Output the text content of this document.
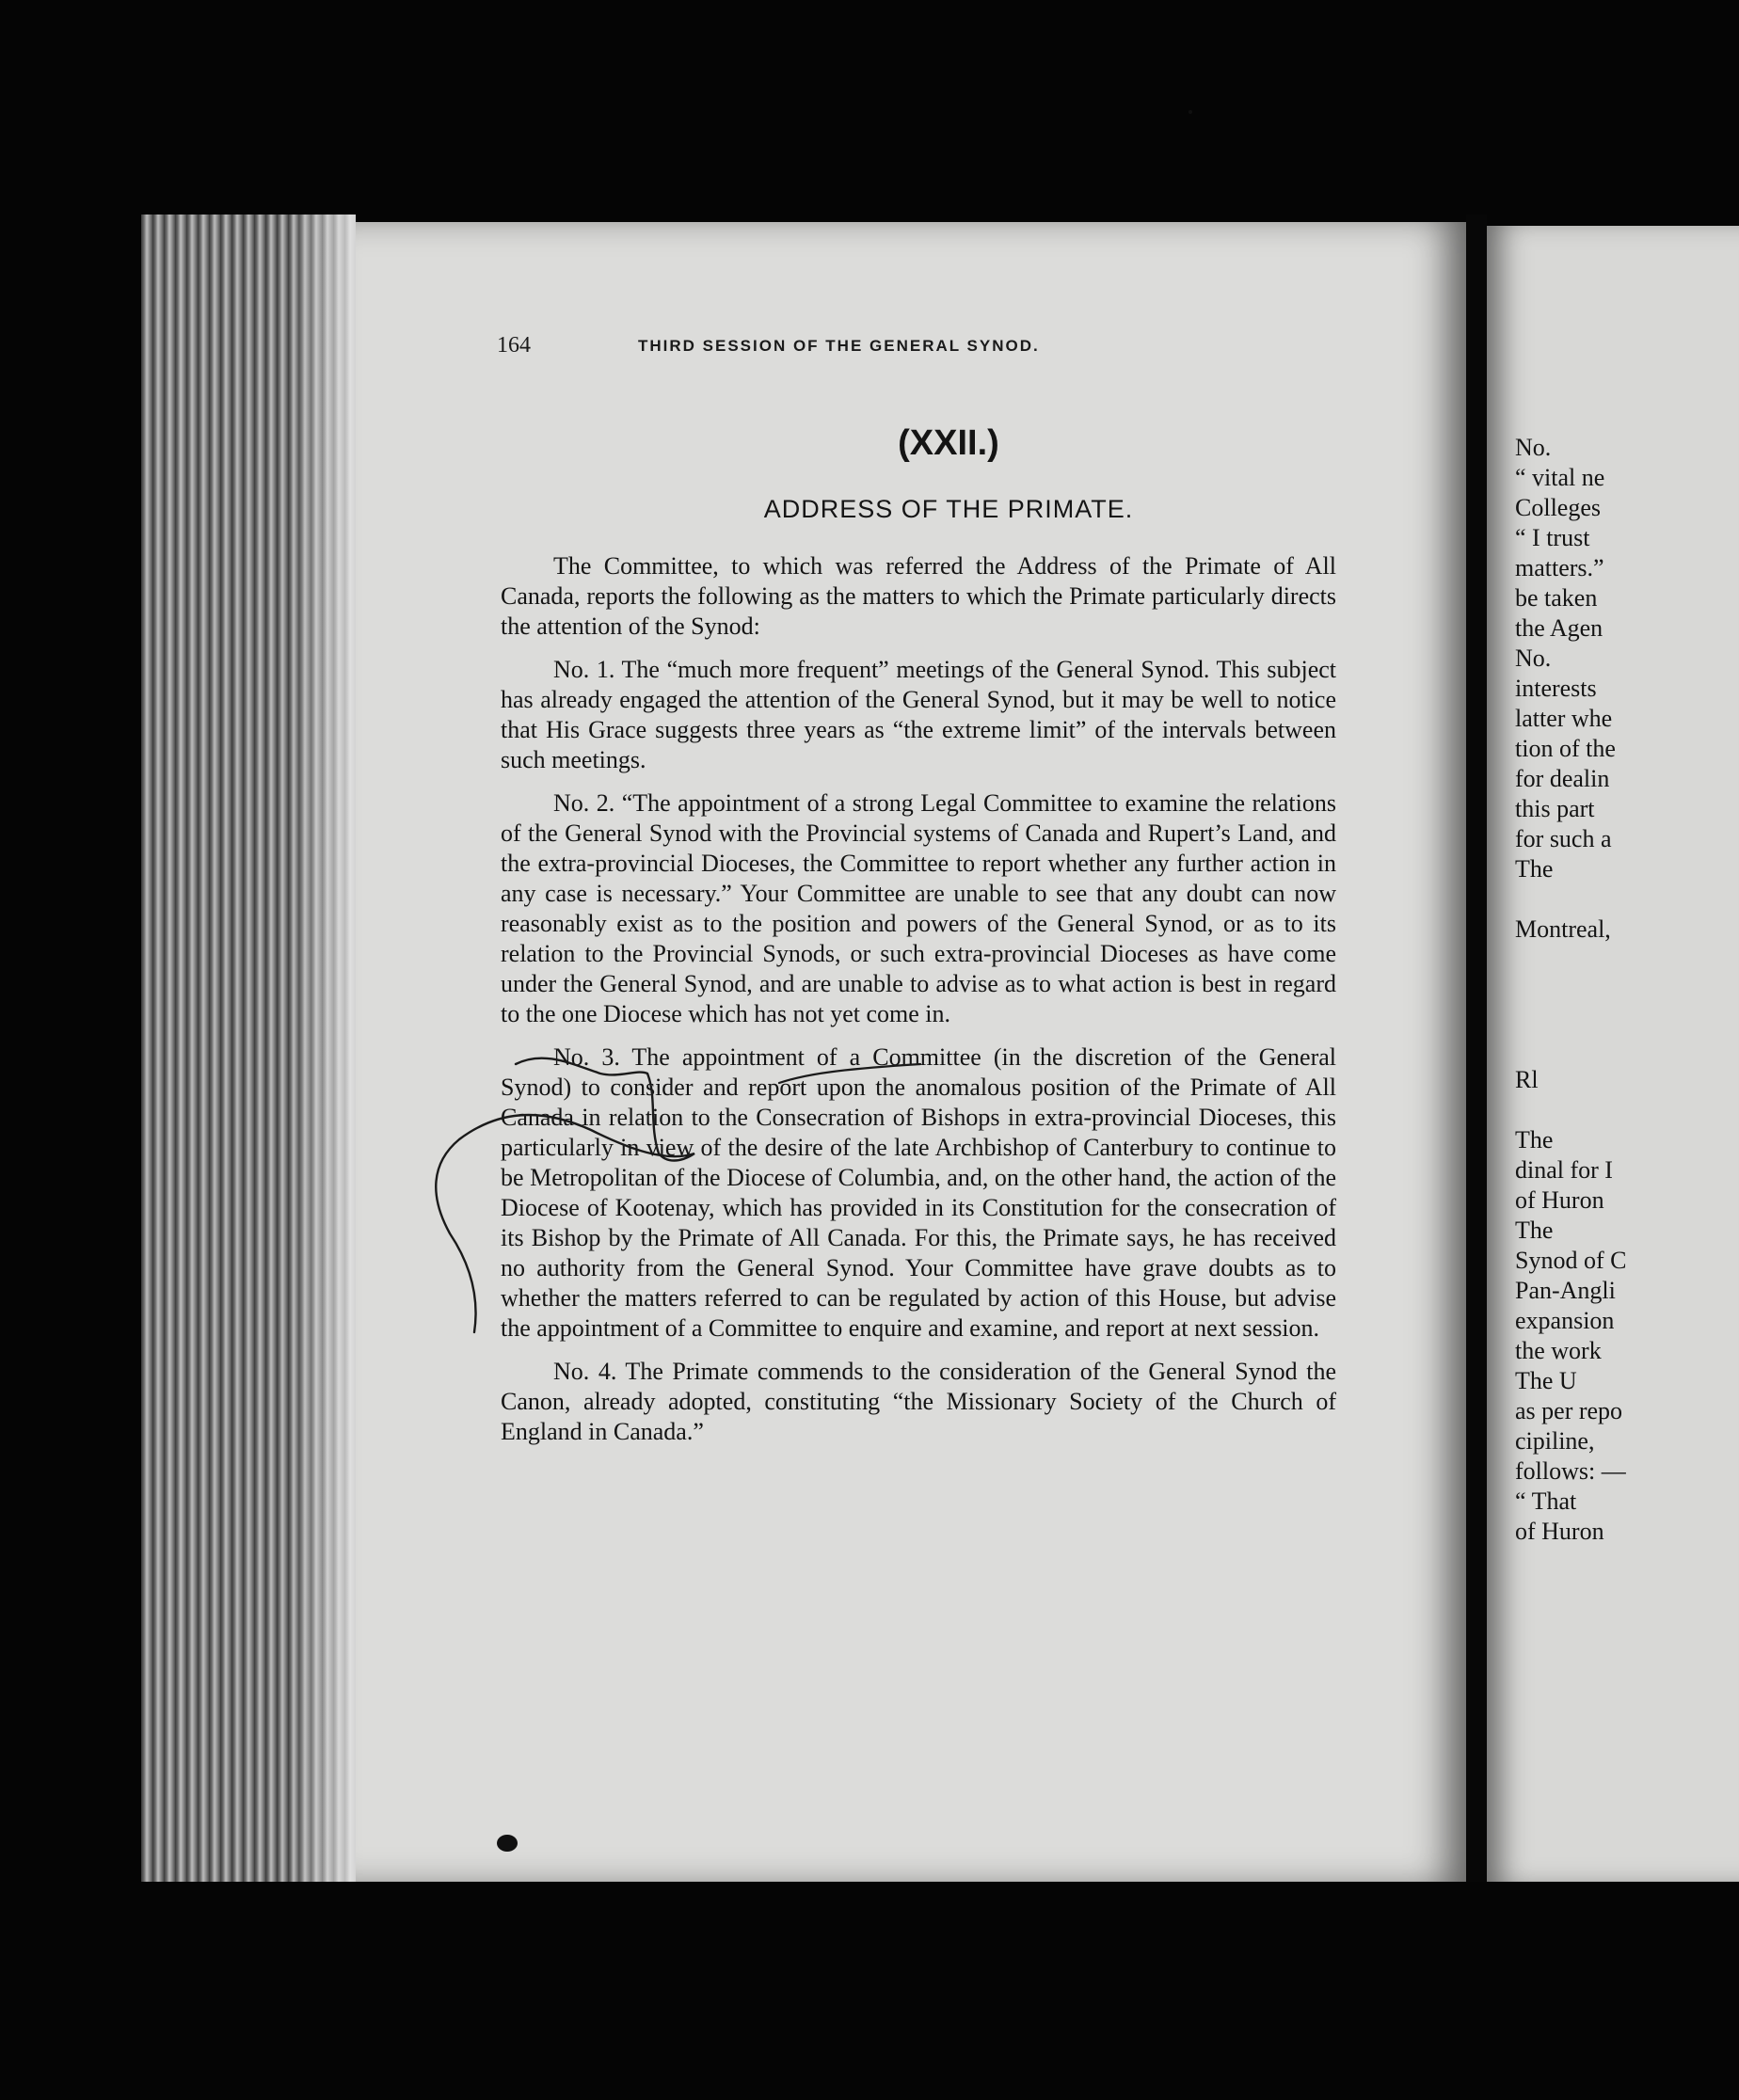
164	THIRD SESSION OF THE GENERAL SYNOD.
(XXII.)
ADDRESS OF THE PRIMATE.

The Committee, to which was referred the Address of the Primate of All Canada, reports the following as the matters to which the Primate particularly directs the attention of the Synod:

No. 1. The “much more frequent” meetings of the General Synod. This subject has already engaged the attention of the General Synod, but it may be well to notice that His Grace suggests three years as “the extreme limit” of the intervals between such meetings.

No. 2. “The appointment of a strong Legal Committee to examine the relations of the General Synod with the Provincial systems of Canada and Rupert’s Land, and the extra-provincial Dioceses, the Committee to report whether any further action in any case is necessary.” Your Committee are unable to see that any doubt can now reasonably exist as to the position and powers of the General Synod, or as to its relation to the Provincial Synods, or such extra-provincial Dioceses as have come under the General Synod, and are unable to advise as to what action is best in regard to the one Diocese which has not yet come in.

No. 3. The appointment of a Committee (in the discretion of the General Synod) to consider and report upon the anomalous position of the Primate of All Canada in relation to the Consecration of Bishops in extra-provincial Dioceses, this particularly in view of the desire of the late Archbishop of Canterbury to continue to be Metropolitan of the Diocese of Columbia, and, on the other hand, the action of the Diocese of Kootenay, which has provided in its Constitution for the consecration of its Bishop by the Primate of All Canada. For this, the Primate says, he has received no authority from the General Synod. Your Committee have grave doubts as to whether the matters referred to can be regulated by action of this House, but advise the appointment of a Committee to enquire and examine, and report at next session.

No. 4. The Primate commends to the consideration of the General Synod the Canon, already adopted, constituting “the Missionary Society of the Church of England in Canada.”

No.
“ vital ne
Colleges
“ I trust
matters.”
be taken
the Agen
No.
interests
latter whe
tion of the
for dealin
this part
for such a
The
Montreal,
Rl
The
dinal for I
of Huron
The
Synod of C
Pan-Angli
expansion
the work
The U
as per repo
cipiline,
follows: —
“ That
of Huron
